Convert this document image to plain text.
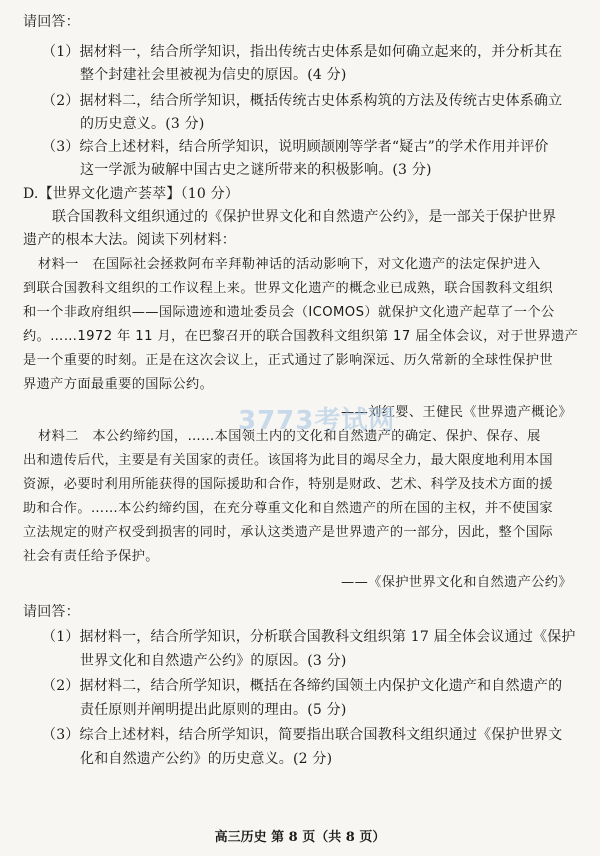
请回答：
（1）据材料一，结合所学知识，指出传统古史体系是如何确立起来的，并分析其在
整个封建社会里被视为信史的原因。(4 分)
（2）据材料二，结合所学知识，概括传统古史体系构筑的方法及传统古史体系确立
的历史意义。(3 分)
（3）综合上述材料，结合所学知识，说明顾颉刚等学者“疑古”的学术作用并评价
这一学派为破解中国古史之谜所带来的积极影响。(3 分)
D.【世界文化遗产荟萃】（10 分）
联合国教科文组织通过的《保护世界文化和自然遗产公约》，是一部关于保护世界
遗产的根本大法。阅读下列材料：
材料一　在国际社会拯救阿布辛拜勒神话的活动影响下，对文化遗产的法定保护进入
到联合国教科文组织的工作议程上来。世界文化遗产的概念业已成熟，联合国教科文组织
和一个非政府组织——国际遗迹和遗址委员会（ICOMOS）就保护文化遗产起草了一个公
约。……1972 年 11 月，在巴黎召开的联合国教科文组织第 17 届全体会议，对于世界遗产
是一个重要的时刻。正是在这次会议上，正式通过了影响深远、历久常新的全球性保护世
界遗产方面最重要的国际公约。
——刘红婴、王健民《世界遗产概论》
3773考试网
材料二　本公约缔约国，……本国领土内的文化和自然遗产的确定、保护、保存、展
出和遗传后代，主要是有关国家的责任。该国将为此目的竭尽全力，最大限度地利用本国
资源，必要时利用所能获得的国际援助和合作，特别是财政、艺术、科学及技术方面的援
助和合作。……本公约缔约国，在充分尊重文化和自然遗产的所在国的主权，并不使国家
立法规定的财产权受到损害的同时，承认这类遗产是世界遗产的一部分，因此，整个国际
社会有责任给予保护。
——《保护世界文化和自然遗产公约》
请回答：
（1）据材料一，结合所学知识，分析联合国教科文组织第 17 届全体会议通过《保护
世界文化和自然遗产公约》的原因。(3 分)
（2）据材料二，结合所学知识，概括在各缔约国领土内保护文化遗产和自然遗产的
责任原则并阐明提出此原则的理由。(5 分)
（3）综合上述材料，结合所学知识，简要指出联合国教科文组织通过《保护世界文
化和自然遗产公约》的历史意义。(2 分)
高三历史 第 8 页（共 8 页）
